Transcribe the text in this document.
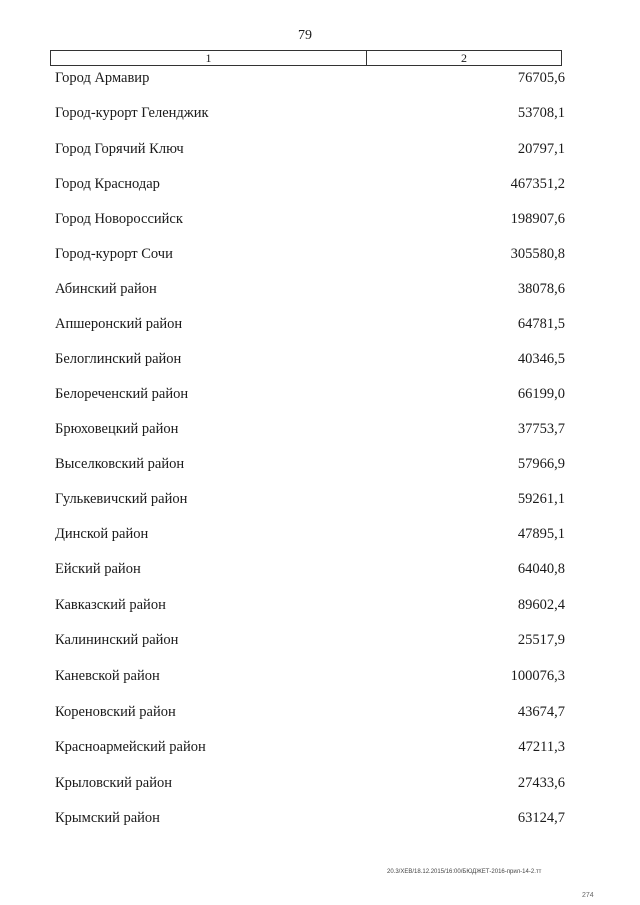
79
1	2
Город Армавир	76705,6
Город-курорт Геленджик	53708,1
Город Горячий Ключ	20797,1
Город Краснодар	467351,2
Город Новороссийск	198907,6
Город-курорт Сочи	305580,8
Абинский район	38078,6
Апшеронский район	64781,5
Белоглинский район	40346,5
Белореченский район	66199,0
Брюховецкий район	37753,7
Выселковский район	57966,9
Гулькевичский район	59261,1
Динской район	47895,1
Ейский район	64040,8
Кавказский район	89602,4
Калининский район	25517,9
Каневской район	100076,3
Кореновский район	43674,7
Красноармейский район	47211,3
Крыловский район	27433,6
Крымский район	63124,7
20.3/ХЕВ/18.12.2015/16:00/БЮДЖЕТ-2016-прил-14-2.тт
274
